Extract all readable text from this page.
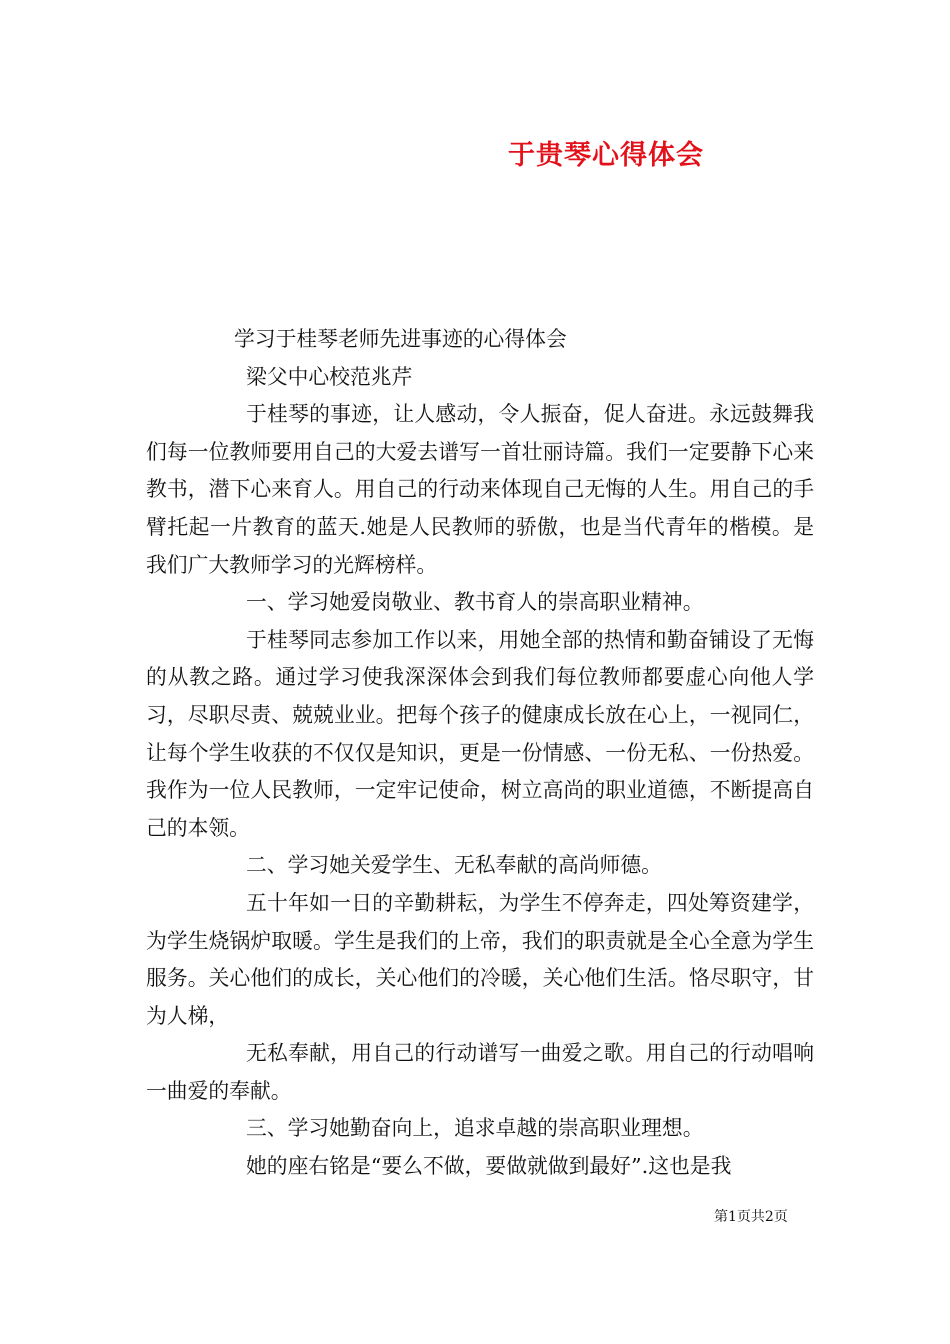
于贵琴心得体会

学习于桂琴老师先进事迹的心得体会

梁父中心校范兆芹

于桂琴的事迹，让人感动，令人振奋，促人奋进。永远鼓舞我们每一位教师要用自己的大爱去谱写一首壮丽诗篇。我们一定要静下心来教书，潜下心来育人。用自己的行动来体现自己无悔的人生。用自己的手臂托起一片教育的蓝天.她是人民教师的骄傲，也是当代青年的楷模。是我们广大教师学习的光辉榜样。

一、学习她爱岗敬业、教书育人的崇高职业精神。

于桂琴同志参加工作以来，用她全部的热情和勤奋铺设了无悔的从教之路。通过学习使我深深体会到我们每位教师都要虚心向他人学习，尽职尽责、兢兢业业。把每个孩子的健康成长放在心上，一视同仁，让每个学生收获的不仅仅是知识，更是一份情感、一份无私、一份热爱。我作为一位人民教师，一定牢记使命，树立高尚的职业道德，不断提高自己的本领。

二、学习她关爱学生、无私奉献的高尚师德。

五十年如一日的辛勤耕耘，为学生不停奔走，四处筹资建学，为学生烧锅炉取暖。学生是我们的上帝，我们的职责就是全心全意为学生服务。关心他们的成长，关心他们的冷暖，关心他们生活。恪尽职守，甘为人梯，

无私奉献，用自己的行动谱写一曲爱之歌。用自己的行动唱响一曲爱的奉献。

三、学习她勤奋向上，追求卓越的崇高职业理想。

她的座右铭是“要么不做，要做就做到最好”.这也是我

第1页共2页
